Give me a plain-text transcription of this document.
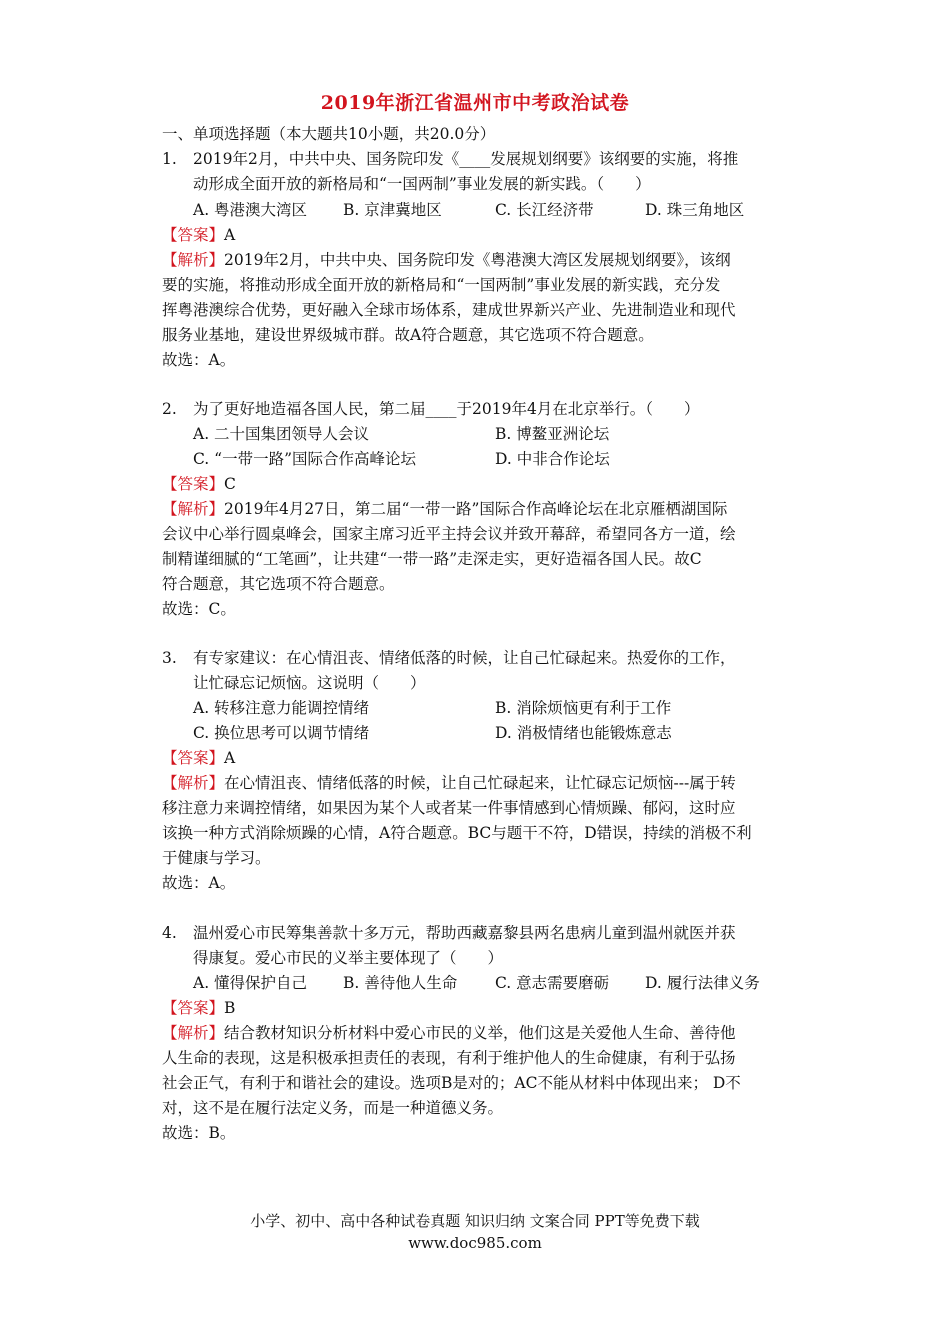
2019年浙江省温州市中考政治试卷
一、单项选择题（本大题共10小题，共20.0分）
1. 2019年2月，中共中央、国务院印发《____发展规划纲要》该纲要的实施，将推
动形成全面开放的新格局和“一国两制”事业发展的新实践。（　　）
A. 粤港澳大湾区 B. 京津冀地区	C. 长江经济带	D. 珠三角地区
【答案】A
【解析】2019年2月，中共中央、国务院印发《粤港澳大湾区发展规划纲要》，该纲
要的实施，将推动形成全面开放的新格局和“一国两制”事业发展的新实践，充分发
挥粤港澳综合优势，更好融入全球市场体系，建成世界新兴产业、先进制造业和现代
服务业基地，建设世界级城市群。故A符合题意，其它选项不符合题意。
故选：A。
2. 为了更好地造福各国人民，第二届____于2019年4月在北京举行。（　　）
A. 二十国集团领导人会议	B. 博鳌亚洲论坛
C. “一带一路”国际合作高峰论坛	D. 中非合作论坛
【答案】C
【解析】2019年4月27日，第二届“一带一路”国际合作高峰论坛在北京雁栖湖国际
会议中心举行圆桌峰会，国家主席习近平主持会议并致开幕辞，希望同各方一道，绘
制精谨细腻的“工笔画”，让共建“一带一路”走深走实，更好造福各国人民。故C
符合题意，其它选项不符合题意。
故选：C。
3. 有专家建议：在心情沮丧、情绪低落的时候，让自己忙碌起来。热爱你的工作，
让忙碌忘记烦恼。这说明（　　）
A. 转移注意力能调控情绪	B. 消除烦恼更有利于工作
C. 换位思考可以调节情绪	D. 消极情绪也能锻炼意志
【答案】A
【解析】在心情沮丧、情绪低落的时候，让自己忙碌起来，让忙碌忘记烦恼---属于转
移注意力来调控情绪，如果因为某个人或者某一件事情感到心情烦躁、郁闷，这时应
该换一种方式消除烦躁的心情，A符合题意。BC与题干不符，D错误，持续的消极不利
于健康与学习。
故选：A。
4. 温州爱心市民筹集善款十多万元，帮助西藏嘉黎县两名患病儿童到温州就医并获
得康复。爱心市民的义举主要体现了（　　）
A. 懂得保护自己 B. 善待他人生命 C. 意志需要磨砺 D. 履行法律义务
【答案】B
【解析】结合教材知识分析材料中爱心市民的义举，他们这是关爱他人生命、善待他
人生命的表现，这是积极承担责任的表现，有利于维护他人的生命健康，有利于弘扬
社会正气，有利于和谐社会的建设。选项B是对的；AC不能从材料中体现出来； D不
对，这不是在履行法定义务，而是一种道德义务。
故选：B。
小学、初中、高中各种试卷真题 知识归纳 文案合同 PPT等免费下载
www.doc985.com
